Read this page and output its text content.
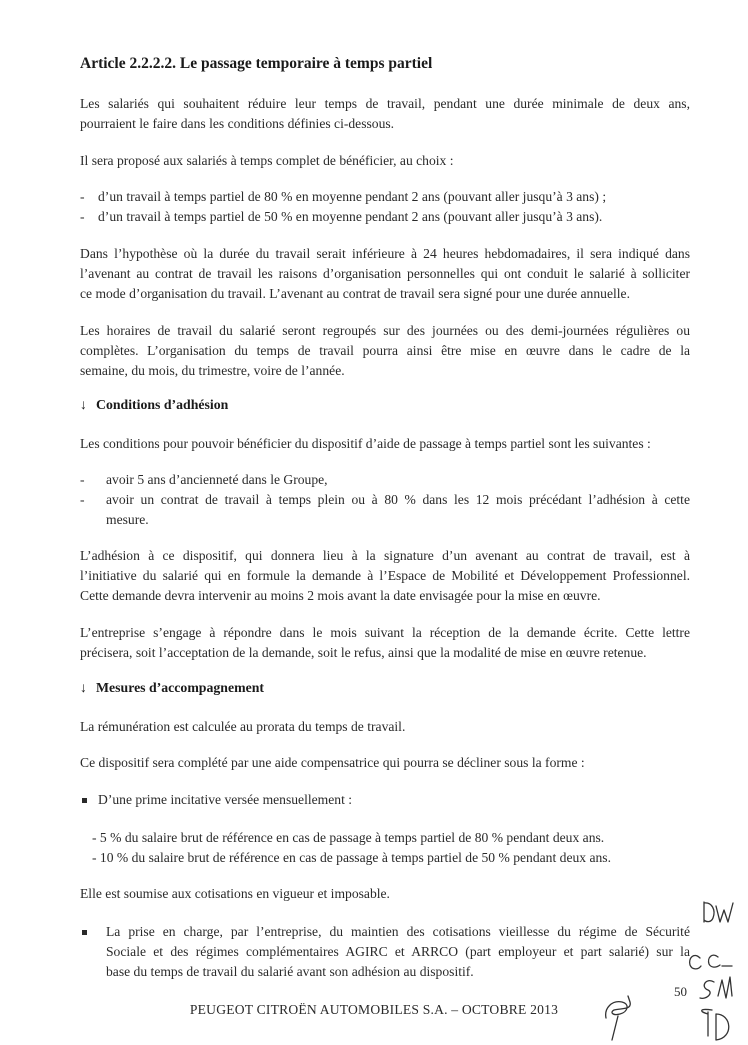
Article 2.2.2.2. Le passage temporaire à temps partiel
Les salariés qui souhaitent réduire leur temps de travail, pendant une durée minimale de deux ans,
pourraient le faire dans les conditions définies ci-dessous.
Il sera proposé aux salariés à temps complet de bénéficier, au choix :
- d’un travail à temps partiel de 80 % en moyenne pendant 2 ans (pouvant aller jusqu’à 3 ans) ;
- d’un travail à temps partiel de 50 % en moyenne pendant 2 ans (pouvant aller jusqu’à 3 ans).
Dans l’hypothèse où la durée du travail serait inférieure à 24 heures hebdomadaires, il sera indiqué dans
l’avenant au contrat de travail les raisons d’organisation personnelles qui ont conduit le salarié à solliciter
ce mode d’organisation du travail. L’avenant au contrat de travail sera signé pour une durée annuelle.
Les horaires de travail du salarié seront regroupés sur des journées ou des demi-journées régulières ou
complètes. L’organisation du temps de travail pourra ainsi être mise en œuvre dans le cadre de la
semaine, du mois, du trimestre, voire de l’année.
↓ Conditions d’adhésion
Les conditions pour pouvoir bénéficier du dispositif d’aide de passage à temps partiel sont les suivantes :
- avoir 5 ans d’ancienneté dans le Groupe,
- avoir un contrat de travail à temps plein ou à 80 % dans les 12 mois précédant l’adhésion à cette
mesure.
L’adhésion à ce dispositif, qui donnera lieu à la signature d’un avenant au contrat de travail, est à
l’initiative du salarié qui en formule la demande à l’Espace de Mobilité et Développement Professionnel.
Cette demande devra intervenir au moins 2 mois avant la date envisagée pour la mise en œuvre.
L’entreprise s’engage à répondre dans le mois suivant la réception de la demande écrite. Cette lettre
précisera, soit l’acceptation de la demande, soit le refus, ainsi que la modalité de mise en œuvre retenue.
↓ Mesures d’accompagnement
La rémunération est calculée au prorata du temps de travail.
Ce dispositif sera complété par une aide compensatrice qui pourra se décliner sous la forme :
D’une prime incitative versée mensuellement :
- 5 % du salaire brut de référence en cas de passage à temps partiel de 80 % pendant deux ans.
- 10 % du salaire brut de référence en cas de passage à temps partiel de 50 % pendant deux ans.
Elle est soumise aux cotisations en vigueur et imposable.
La prise en charge, par l’entreprise, du maintien des cotisations vieillesse du régime de Sécurité
Sociale et des régimes complémentaires AGIRC et ARRCO (part employeur et part salarié) sur la
base du temps de travail du salarié avant son adhésion au dispositif.
50
PEUGEOT CITROËN AUTOMOBILES S.A. – OCTOBRE 2013
